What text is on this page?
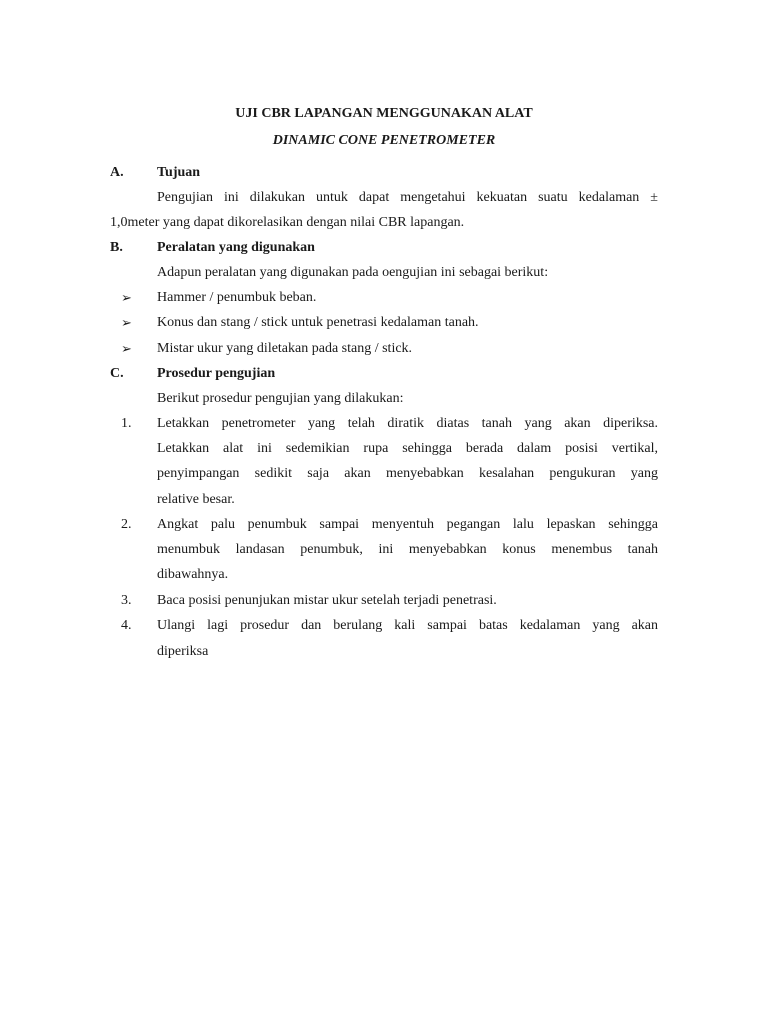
UJI CBR LAPANGAN MENGGUNAKAN ALAT
DINAMIC CONE PENETROMETER
A. Tujuan
Pengujian ini dilakukan untuk dapat mengetahui kekuatan suatu kedalaman ±
1,0meter yang dapat dikorelasikan dengan nilai CBR lapangan.
B. Peralatan yang digunakan
Adapun peralatan yang digunakan pada oengujian ini sebagai berikut:
➢ Hammer / penumbuk beban.
➢ Konus dan stang / stick untuk penetrasi kedalaman tanah.
➢ Mistar ukur yang diletakan pada stang / stick.
C. Prosedur pengujian
Berikut prosedur pengujian yang dilakukan:
1. Letakkan penetrometer yang telah diratik diatas tanah yang akan diperiksa.
Letakkan alat ini sedemikian rupa sehingga berada dalam posisi vertikal,
penyimpangan sedikit saja akan menyebabkan kesalahan pengukuran yang
relative besar.
2. Angkat palu penumbuk sampai menyentuh pegangan lalu lepaskan sehingga
menumbuk landasan penumbuk, ini menyebabkan konus menembus tanah
dibawahnya.
3. Baca posisi penunjukan mistar ukur setelah terjadi penetrasi.
4. Ulangi lagi prosedur dan berulang kali sampai batas kedalaman yang akan
diperiksa
